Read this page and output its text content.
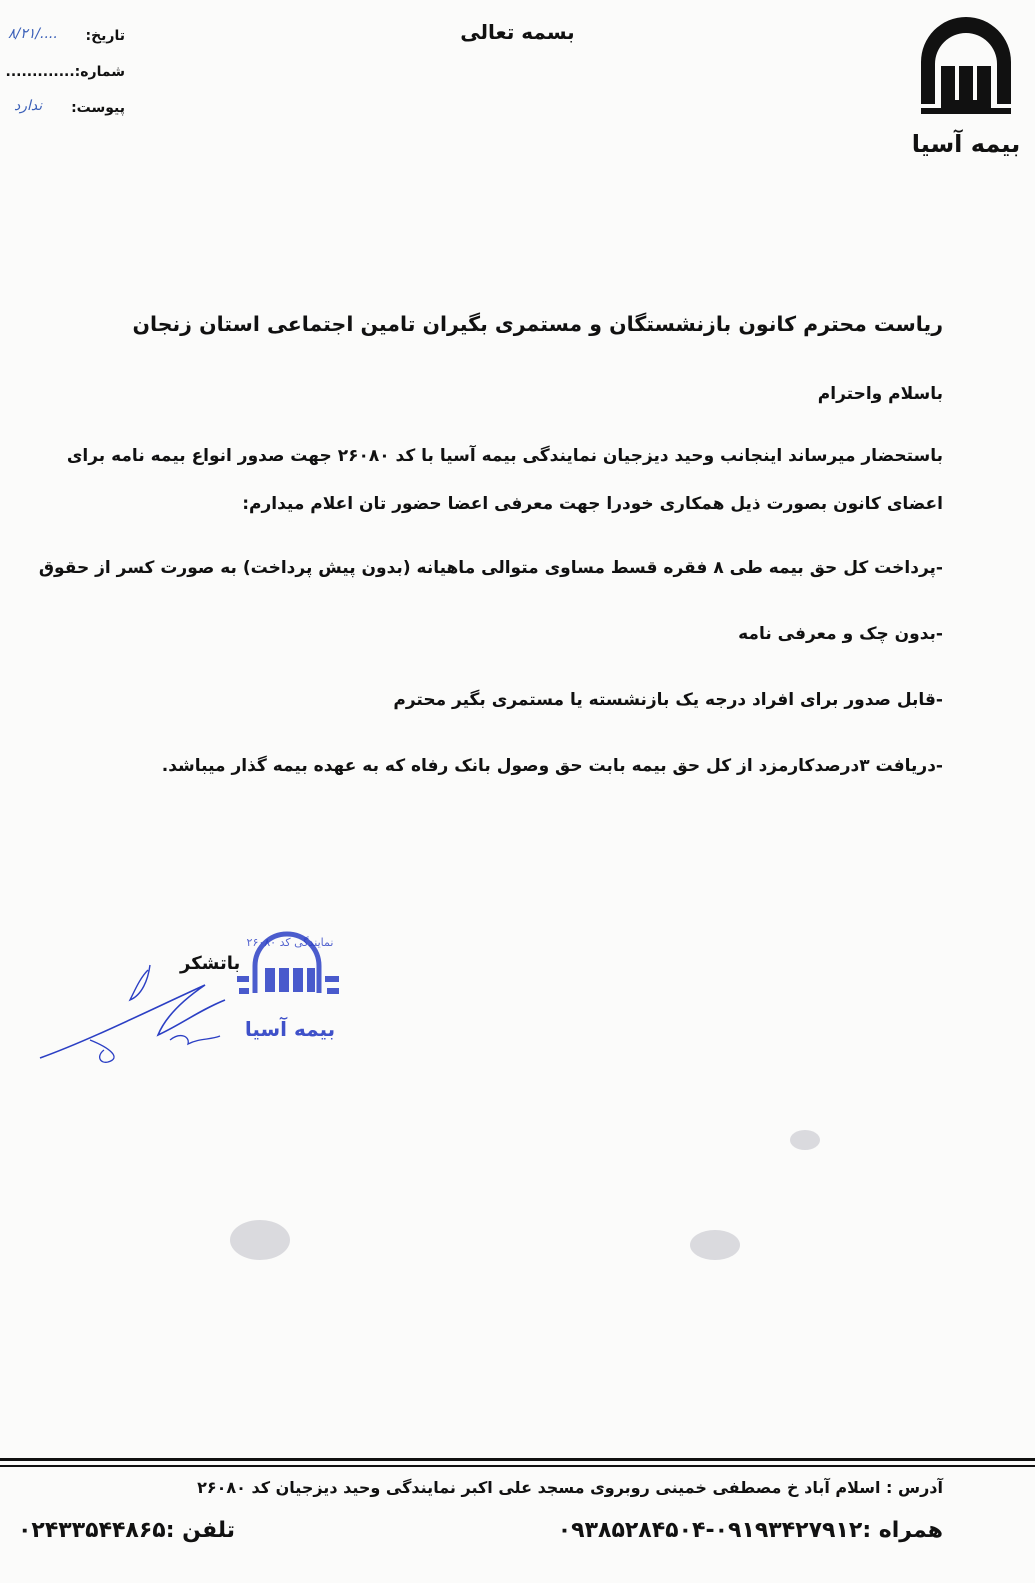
بسمه تعالی
تاریخ:
۸/۲۱/....
شماره:.............
پیوست:
ندارد
بیمه آسیا
ریاست محترم کانون بازنشستگان و مستمری بگیران تامین اجتماعی استان زنجان
باسلام واحترام
باستحضار میرساند اینجانب وحید دیزجیان نمایندگی بیمه آسیا با کد ۲۶۰۸۰ جهت صدور انواع بیمه نامه برای
اعضای کانون بصورت ذیل همکاری خودرا جهت معرفی اعضا حضور تان اعلام میدارم:
-پرداخت کل حق بیمه طی ۸ فقره قسط مساوی متوالی ماهیانه (بدون پیش پرداخت) به صورت کسر از حقوق
-بدون چک و معرفی نامه
-قابل صدور برای افراد درجه یک بازنشسته یا مستمری بگیر محترم
-دریافت ۳درصدکارمزد از کل حق بیمه بابت حق وصول بانک رفاه که به عهده بیمه گذار میباشد.
باتشکر
نمایندگی کد ۲۶۰۸۰
بیمه آسیا
آدرس : اسلام آباد خ مصطفی خمینی روبروی مسجد علی اکبر نمایندگی وحید دیزجیان کد ۲۶۰۸۰
همراه :۰۹۱۹۳۴۲۷۹۱۲-۰۹۳۸۵۲۸۴۵۰۴
تلفن :۰۲۴۳۳۵۴۴۸۶۵
